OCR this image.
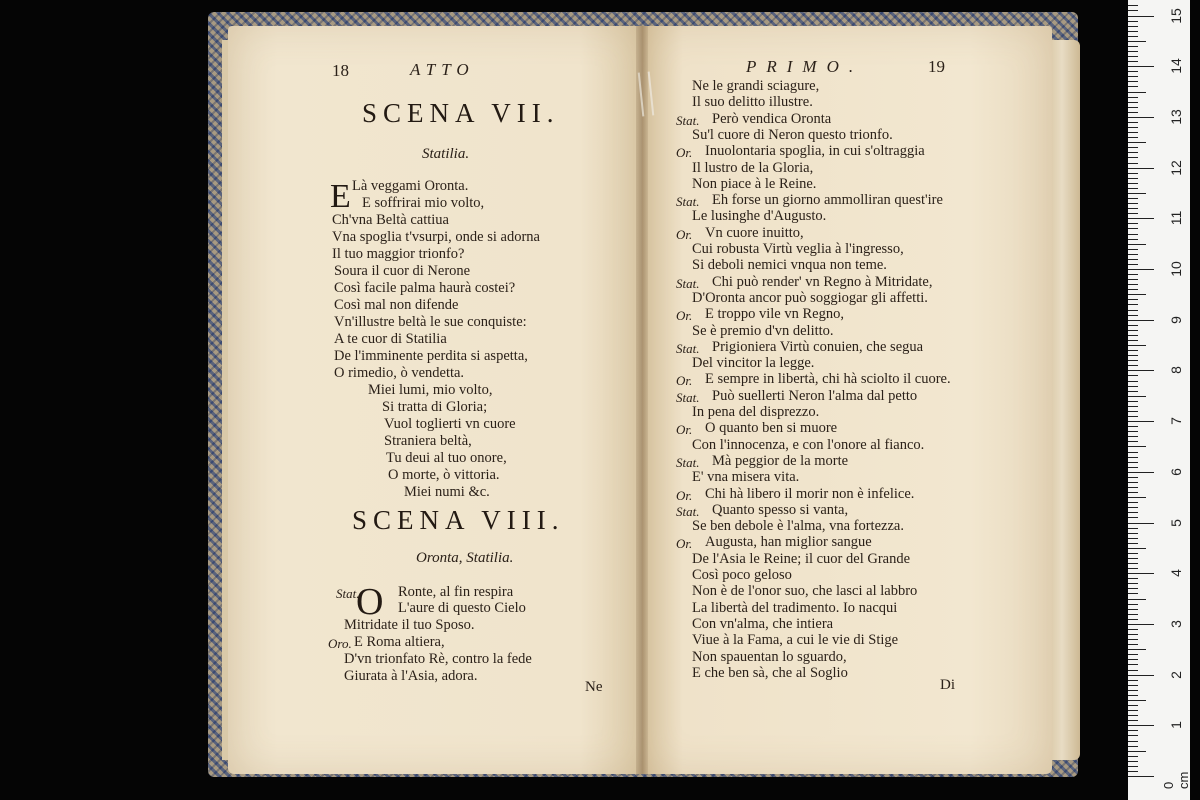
18	ATTO
SCENA VII.
Statilia.
E E soffrirai mio volto,
Ch'vna Beltà cattiua
Vna spoglia t'vsurpi, onde si adorna
Il tuo maggior trionfo?
Soura il cuor di Nerone
Così facile palma haurà costei?
Così mal non difende
Vn'illustre beltà le sue conquiste:
A te cuor di Statilia
De l'imminente perdita si aspetta,
O rimedio, ò vendetta.
Miei lumi, mio volto,
Si tratta di Gloria;
Vuol toglierti vn cuore
Straniera beltà,
Tu deui al tuo onore,
O morte, ò vittoria.
Miei numi &c.
Là veggami Oronta.
SCENA VIII.
Oronta, Statilia.
O
Stat.	Ronte, al fin respira
L'aure di questo Cielo
Mitridate il tuo Sposo.
Oro. E Roma altiera,
D'vn trionfato Rè, contro la fede
Giurata à l'Asia, adora.
Ne
PRIMO.	19
Ne le grandi sciagure,
Il suo delitto illustre.
Stat. Però vendica Oronta
Su'l cuore di Neron questo trionfo.
Or. Inuolontaria spoglia, in cui s'oltraggia
Il lustro de la Gloria,
Non piace à le Reine.
Stat. Eh forse un giorno ammolliran quest'ire
Le lusinghe d'Augusto.
Or. Vn cuore inuitto,
Cui robusta Virtù veglia à l'ingresso,
Si deboli nemici vnqua non teme.
Stat. Chi può render' vn Regno à Mitridate,
D'Oronta ancor può soggiogar gli affetti.
Or. E troppo vile vn Regno,
Se è premio d'vn delitto.
Stat. Prigioniera Virtù conuien, che segua
Del vincitor la legge.
Or. E sempre in libertà, chi hà sciolto il cuore.
Stat. Può suellerti Neron l'alma dal petto
In pena del disprezzo.
Or. O quanto ben si muore
Con l'innocenza, e con l'onore al fianco.
Stat. Mà peggior de la morte
E' vna misera vita.
Or. Chi hà libero il morir non è infelice.
Stat. Quanto spesso si vanta,
Se ben debole è l'alma, vna fortezza.
Or. Augusta, han miglior sangue
De l'Asia le Reine; il cuor del Grande
Così poco geloso
Non è de l'onor suo, che lasci al labbro
La libertà del tradimento. Io nacqui
Con vn'alma, che intiera
Viue à la Fama, a cui le vie di Stige
Non spauentan lo sguardo,
E che ben sà, che al Soglio
Di
0 cm
15
14
13
12
11
10
9
8
7
6
5
4
3
2
1
